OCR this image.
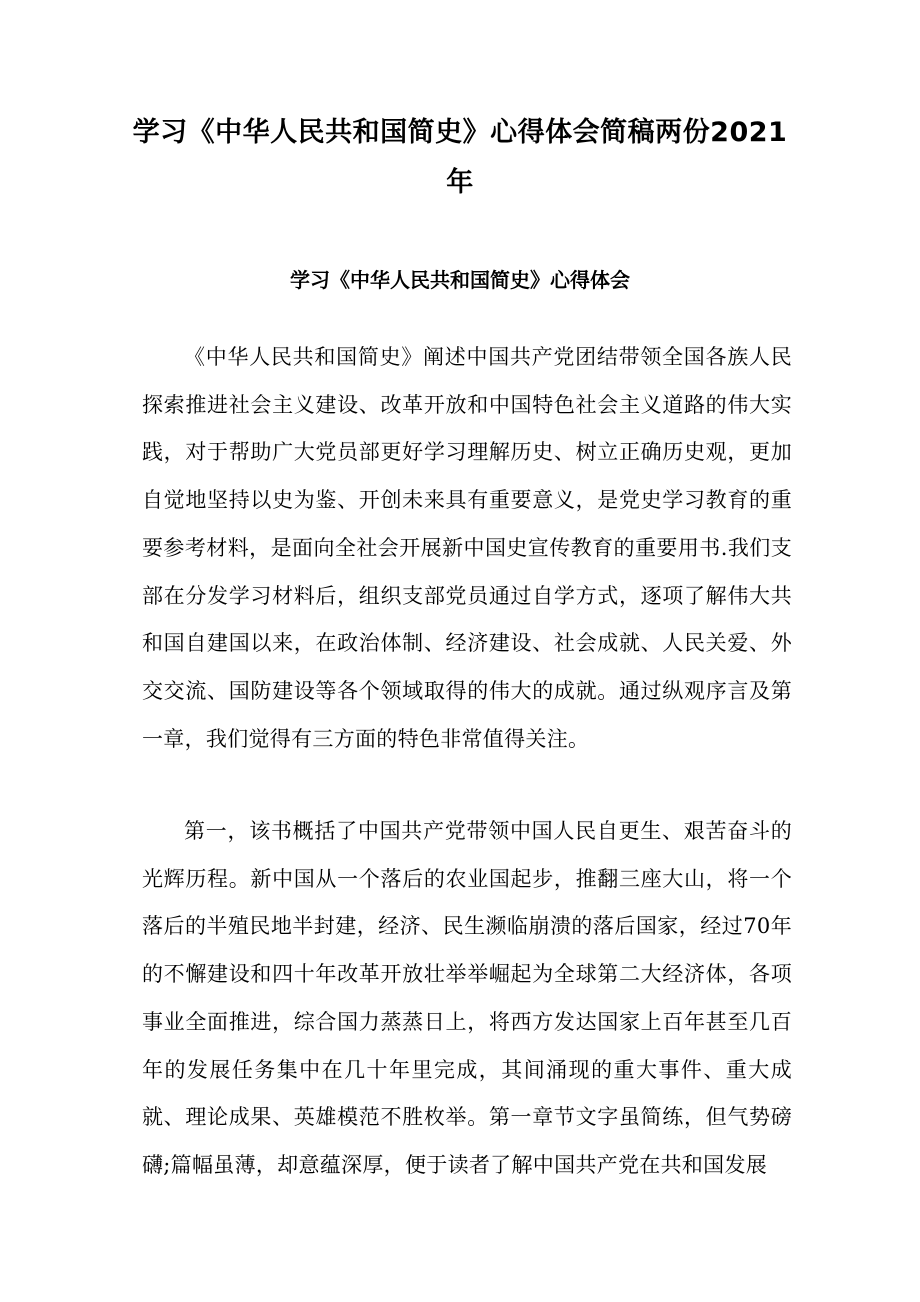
学习《中华人民共和国简史》心得体会简稿两份2021年
学习《中华人民共和国简史》心得体会

《中华人民共和国简史》阐述中国共产党团结带领全国各族人民探索推进社会主义建设、改革开放和中国特色社会主义道路的伟大实践，对于帮助广大党员部更好学习理解历史、树立正确历史观，更加自觉地坚持以史为鉴、开创未来具有重要意义，是党史学习教育的重要参考材料，是面向全社会开展新中国史宣传教育的重要用书.我们支部在分发学习材料后，组织支部党员通过自学方式，逐项了解伟大共和国自建国以来，在政治体制、经济建设、社会成就、人民关爱、外交交流、国防建设等各个领域取得的伟大的成就。通过纵观序言及第一章，我们觉得有三方面的特色非常值得关注。

第一，该书概括了中国共产党带领中国人民自更生、艰苦奋斗的光辉历程。新中国从一个落后的农业国起步，推翻三座大山，将一个落后的半殖民地半封建，经济、民生濒临崩溃的落后国家，经过70年的不懈建设和四十年改革开放壮举举崛起为全球第二大经济体，各项事业全面推进，综合国力蒸蒸日上，将西方发达国家上百年甚至几百年的发展任务集中在几十年里完成，其间涌现的重大事件、重大成就、理论成果、英雄模范不胜枚举。第一章节文字虽简练，但气势磅礴;篇幅虽薄，却意蕴深厚，便于读者了解中国共产党在共和国发展
